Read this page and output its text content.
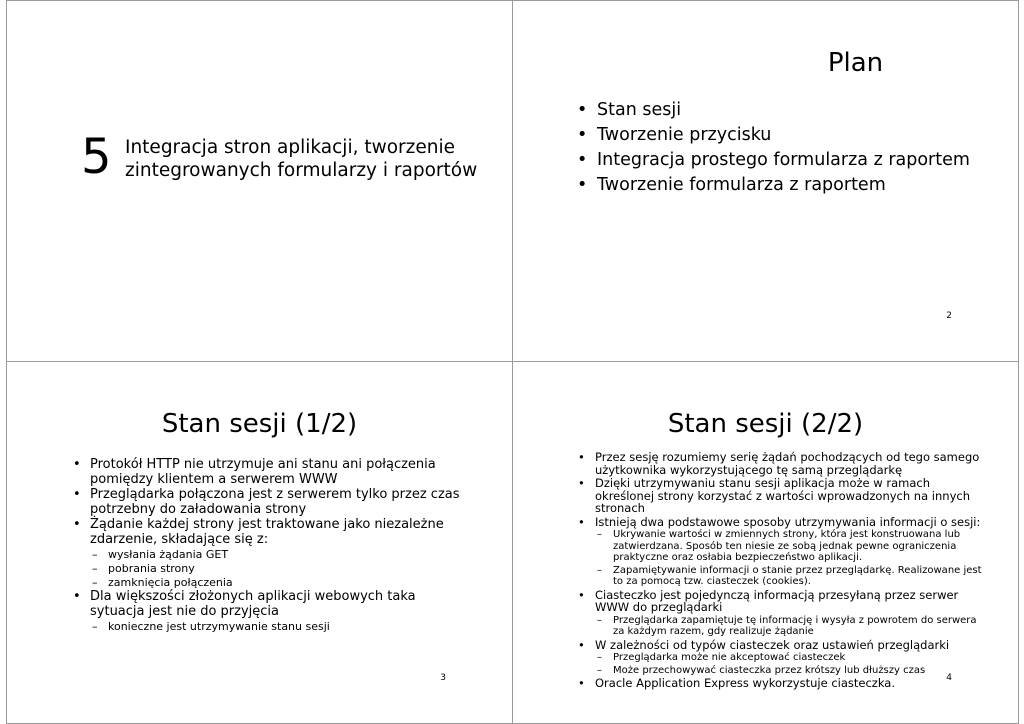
5 Integracja stron aplikacji, tworzenie zintegrowanych formularzy i raportów
Plan
• Stan sesji
• Tworzenie przycisku
• Integracja prostego formularza z raportem
• Tworzenie formularza z raportem
2
Stan sesji (1/2)
• Protokół HTTP nie utrzymuje ani stanu ani połączenia pomiędzy klientem a serwerem WWW
• Przeglądarka połączona jest z serwerem tylko przez czas potrzebny do załadowania strony
• Żądanie każdej strony jest traktowane jako niezależne zdarzenie, składające się z:
– wysłania żądania GET
– pobrania strony
– zamknięcia połączenia
• Dla większości złożonych aplikacji webowych taka sytuacja jest nie do przyjęcia
– konieczne jest utrzymywanie stanu sesji
3
Stan sesji (2/2)
• Przez sesję rozumiemy serię żądań pochodzących od tego samego użytkownika wykorzystującego tę samą przeglądarkę
• Dzięki utrzymywaniu stanu sesji aplikacja może w ramach określonej strony korzystać z wartości wprowadzonych na innych stronach
• Istnieją dwa podstawowe sposoby utrzymywania informacji o sesji:
– Ukrywanie wartości w zmiennych strony, która jest konstruowana lub zatwierdzana. Sposób ten niesie ze sobą jednak pewne ograniczenia praktyczne oraz osłabia bezpieczeństwo aplikacji.
– Zapamiętywanie informacji o stanie przez przeglądarkę. Realizowane jest to za pomocą tzw. ciasteczek (cookies).
• Ciasteczko jest pojedynczą informacją przesyłaną przez serwer WWW do przeglądarki
– Przeglądarka zapamiętuje tę informację i wysyła z powrotem do serwera za każdym razem, gdy realizuje żądanie
• W zależności od typów ciasteczek oraz ustawień przeglądarki
– Przeglądarka może nie akceptować ciasteczek
– Może przechowywać ciasteczka przez krótszy lub dłuższy czas
• Oracle Application Express wykorzystuje ciasteczka.	4
